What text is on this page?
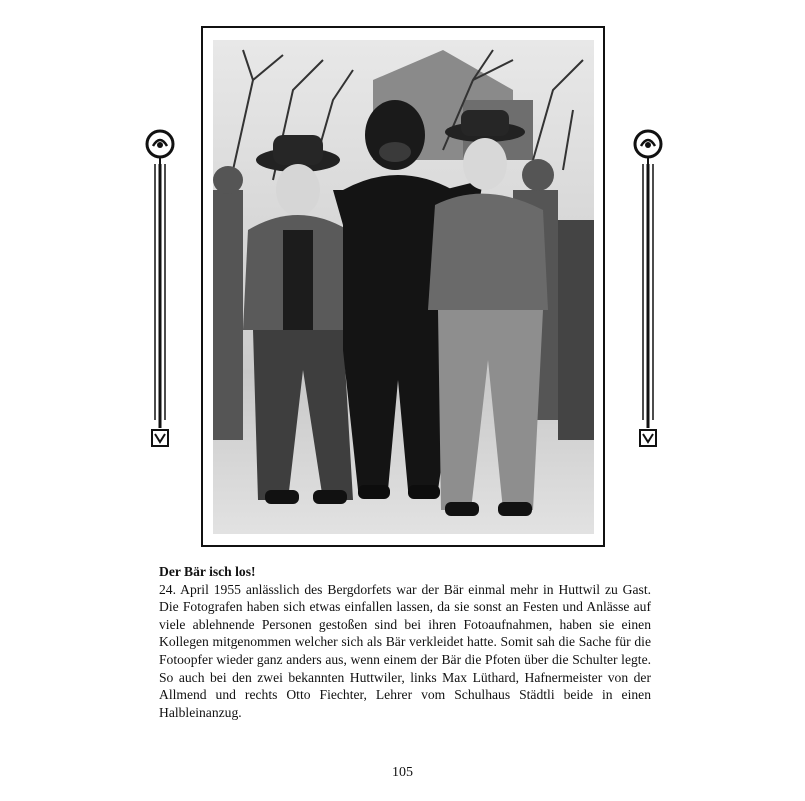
Der Bär isch los!

24. April 1955 anlässlich des Bergdorfets war der Bär einmal mehr in Huttwil zu Gast. Die Fotografen haben sich etwas einfallen lassen, da sie sonst an Festen und Anlässe auf viele ablehnende Personen gestoßen sind bei ihren Fotoaufnahmen, haben sie einen Kollegen mitgenommen welcher sich als Bär verkleidet hatte. Somit sah die Sache für die Fotoopfer wieder ganz anders aus, wenn einem der Bär die Pfoten über die Schulter legte. So auch bei den zwei bekannten Huttwiler, links Max Lüthard, Hafnermeister von der Allmend und rechts Otto Fiechter, Lehrer vom Schulhaus Städtli beide in einen Halbleinanzug.

105
